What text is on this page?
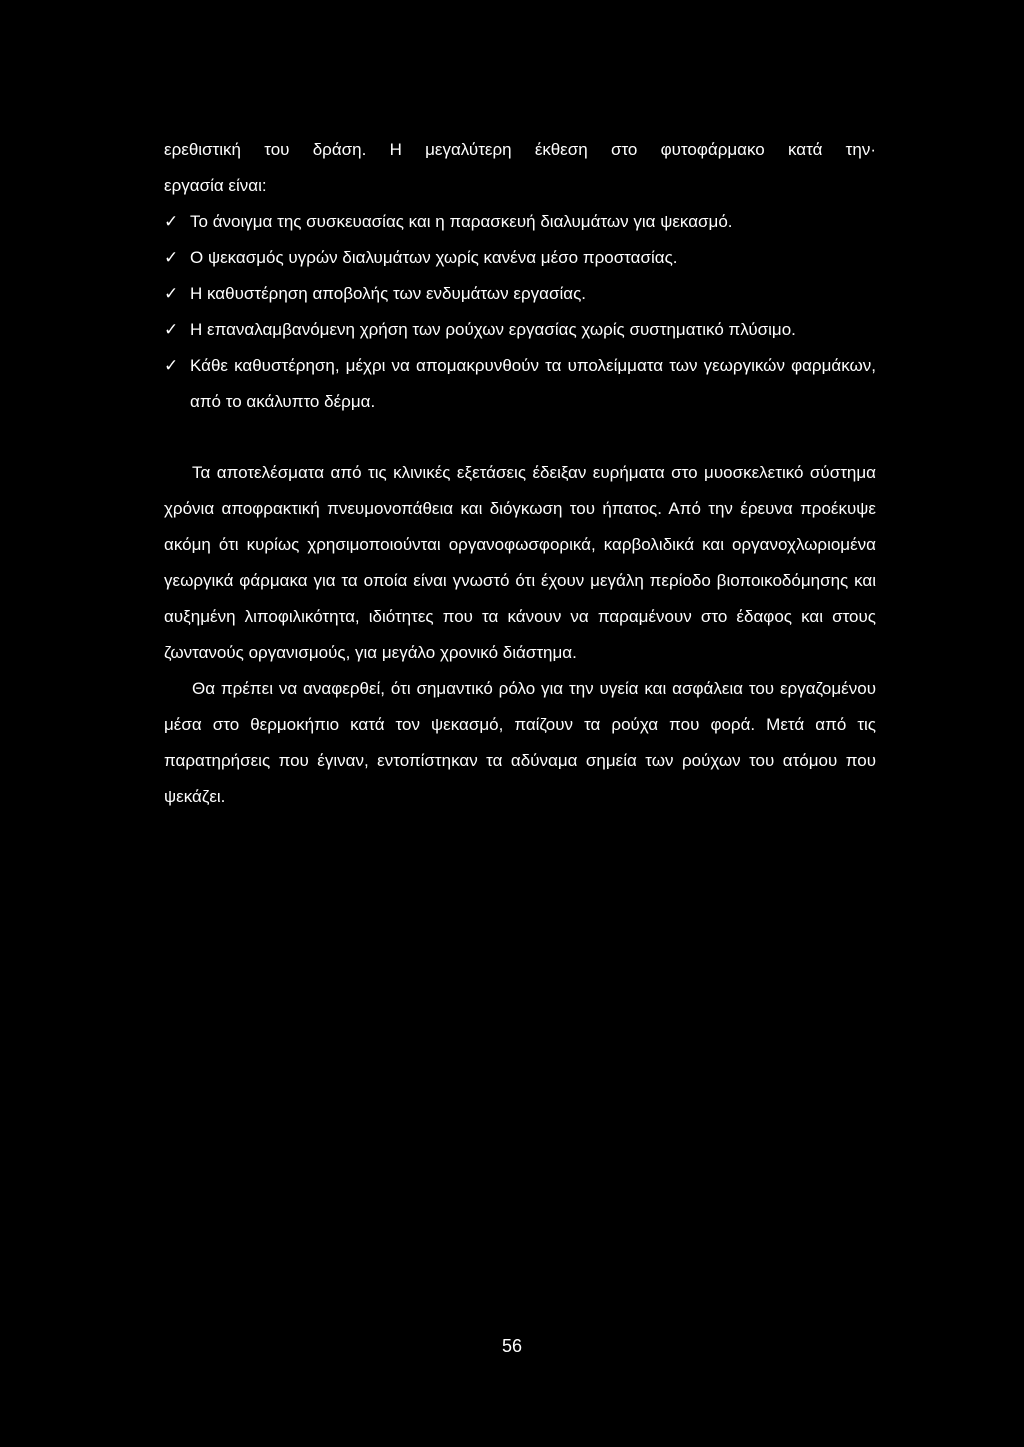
ερεθιστική του δράση. Η μεγαλύτερη έκθεση στο φυτοφάρμακο κατά την·
εργασία είναι:
✓ Το άνοιγμα της συσκευασίας και η παρασκευή διαλυμάτων για ψεκασμό.
✓ Ο ψεκασμός υγρών διαλυμάτων χωρίς κανένα μέσο προστασίας.
✓ Η καθυστέρηση αποβολής των ενδυμάτων εργασίας.
✓ Η επαναλαμβανόμενη χρήση των ρούχων εργασίας χωρίς συστηματικό πλύσιμο.
✓ Κάθε καθυστέρηση, μέχρι να απομακρυνθούν τα υπολείμματα των γεωργικών φαρμάκων, από το ακάλυπτο δέρμα.

Τα αποτελέσματα από τις κλινικές εξετάσεις έδειξαν ευρήματα στο μυοσκελετικό σύστημα χρόνια αποφρακτική πνευμονοπάθεια και διόγκωση του ήπατος. Από την έρευνα προέκυψε ακόμη ότι κυρίως χρησιμοποιούνται οργανοφωσφορικά, καρβολιδικά και οργανοχλωριομένα γεωργικά φάρμακα για τα οποία είναι γνωστό ότι έχουν μεγάλη περίοδο βιοποικοδόμησης και αυξημένη λιποφιλικότητα, ιδιότητες που τα κάνουν να παραμένουν στο έδαφος και στους ζωντανούς οργανισμούς, για μεγάλο χρονικό διάστημα.

Θα πρέπει να αναφερθεί, ότι σημαντικό ρόλο για την υγεία και ασφάλεια του εργαζομένου μέσα στο θερμοκήπιο κατά τον ψεκασμό, παίζουν τα ρούχα που φορά. Μετά από τις παρατηρήσεις που έγιναν, εντοπίστηκαν τα αδύναμα σημεία των ρούχων του ατόμου που ψεκάζει.

56
